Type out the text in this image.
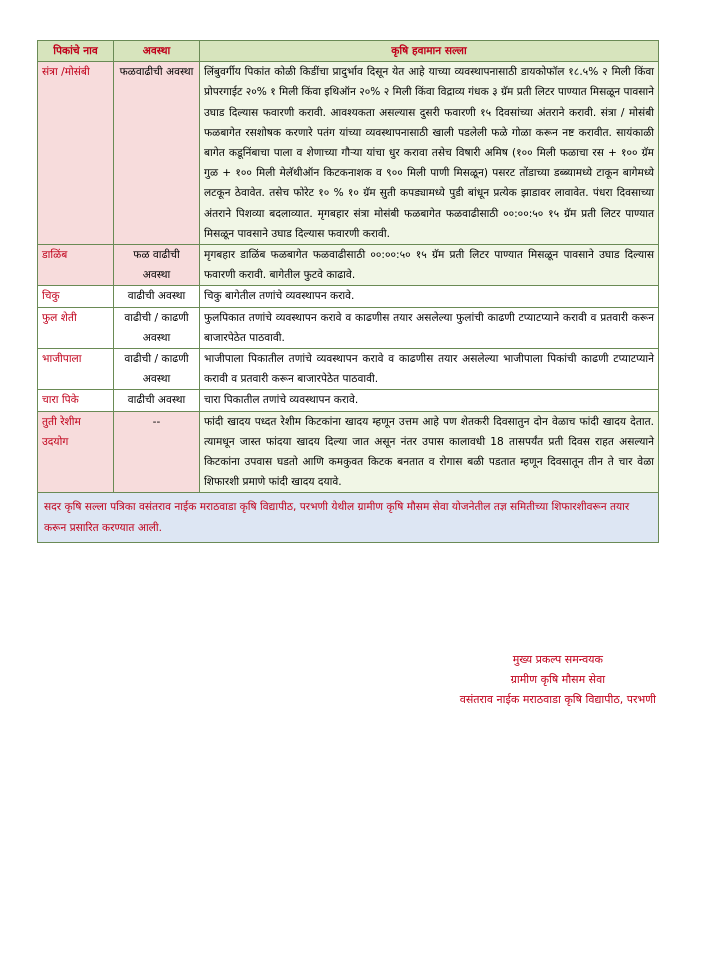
पिकांचे नाव	अवस्था	कृषि हवामान सल्ला
संत्रा /मोसंबी	फळवाढीची अवस्था	लिंबुवर्गीय पिकांत कोळी किडींचा प्रादुर्भाव दिसून येत आहे याच्या व्यवस्थापनासाठी डायकोफॉल १८.५% २ मिली किंवा प्रोपरगाईट २०% १ मिली किंवा इथिऑन २०% २ मिली किंवा विद्राव्य गंधक ३ ग्रॅम प्रती लिटर पाण्यात मिसळून पावसाने उघाड दिल्यास फवारणी करावी. आवश्यकता असल्यास दुसरी फवारणी १५ दिवसांच्या अंतराने करावी. संत्रा / मोसंबी फळबागेत रसशोषक करणारे पतंग यांच्या व्यवस्थापनासाठी खाली पडलेली फळे गोळा करून नष्ट करावीत. सायंकाळी बागेत कडूनिंबाचा पाला व शेणाच्या गौऱ्या यांचा धुर करावा तसेच विषारी अमिष (१०० मिली फळाचा रस + १०० ग्रॅम गुळ + १०० मिली मेलॅथीऑन किटकनाशक व ९०० मिली पाणी मिसळून) पसरट तोंडाच्या डब्ब्यामध्ये टाकून बागेमध्ये लटकून ठेवावेत. तसेच फोरेट १० % १० ग्रॅम सुती कपड्यामध्ये पुडी बांधून प्रत्येक झाडावर लावावेत. पंधरा दिवसाच्या अंतराने पिशव्या बदलाव्यात. मृगबहार संत्रा मोसंबी फळबागेत फळवाढीसाठी ००:००:५० १५ ग्रॅम प्रती लिटर पाण्यात मिसळून पावसाने उघाड दिल्यास फवारणी करावी.
डाळिंब	फळ वाढीची अवस्था	मृगबहार डाळिंब फळबागेत फळवाढीसाठी ००:००:५० १५ ग्रॅम प्रती लिटर पाण्यात मिसळून पावसाने उघाड दिल्यास फवारणी करावी. बागेतील फुटवे काढावे.
चिकु	वाढीची अवस्था	चिकु बागेतील तणांचे व्यवस्थापन करावे.
फुल शेती	वाढीची / काढणी अवस्था	फुलपिकात तणांचे व्यवस्थापन करावे व काढणीस तयार असलेल्या फुलांची काढणी टप्याटप्याने करावी व प्रतवारी करून बाजारपेठेत पाठवावी.
भाजीपाला	वाढीची / काढणी अवस्था	भाजीपाला पिकातील तणांचे व्यवस्थापन करावे व काढणीस तयार असलेल्या भाजीपाला पिकांची काढणी टप्याटप्याने करावी व प्रतवारी करून बाजारपेठेत पाठवावी.
चारा पिके	वाढीची अवस्था	चारा पिकातील तणांचे व्यवस्थापन करावे.
तुती रेशीम उदयोग	--	फांदी खादय पध्दत रेशीम किटकांना खादय म्हणून उत्तम आहे पण शेतकरी दिवसातुन दोन वेळाच फांदी खादय देतात. त्यामधून जास्त फांदया खादय दिल्या जात असून नंतर उपास कालावधी 18 तासपर्यंत प्रती दिवस राहत असल्याने किटकांना उपवास घडतो आणि कमकुवत किटक बनतात व रोगास बळी पडतात म्हणून दिवसातून तीन ते चार वेळा शिफारशी प्रमाणे फांदी खादय दयावे.
सदर कृषि सल्ला पत्रिका वसंतराव नाईक मराठवाडा कृषि विद्यापीठ, परभणी येथील ग्रामीण कृषि मौसम सेवा योजनेतील तज्ञ समितीच्या शिफारशीवरून तयार करून प्रसारित करण्यात आली.		
मुख्य प्रकल्प समन्वयक
ग्रामीण कृषि मौसम सेवा
वसंतराव नाईक मराठवाडा कृषि विद्यापीठ, परभणी
